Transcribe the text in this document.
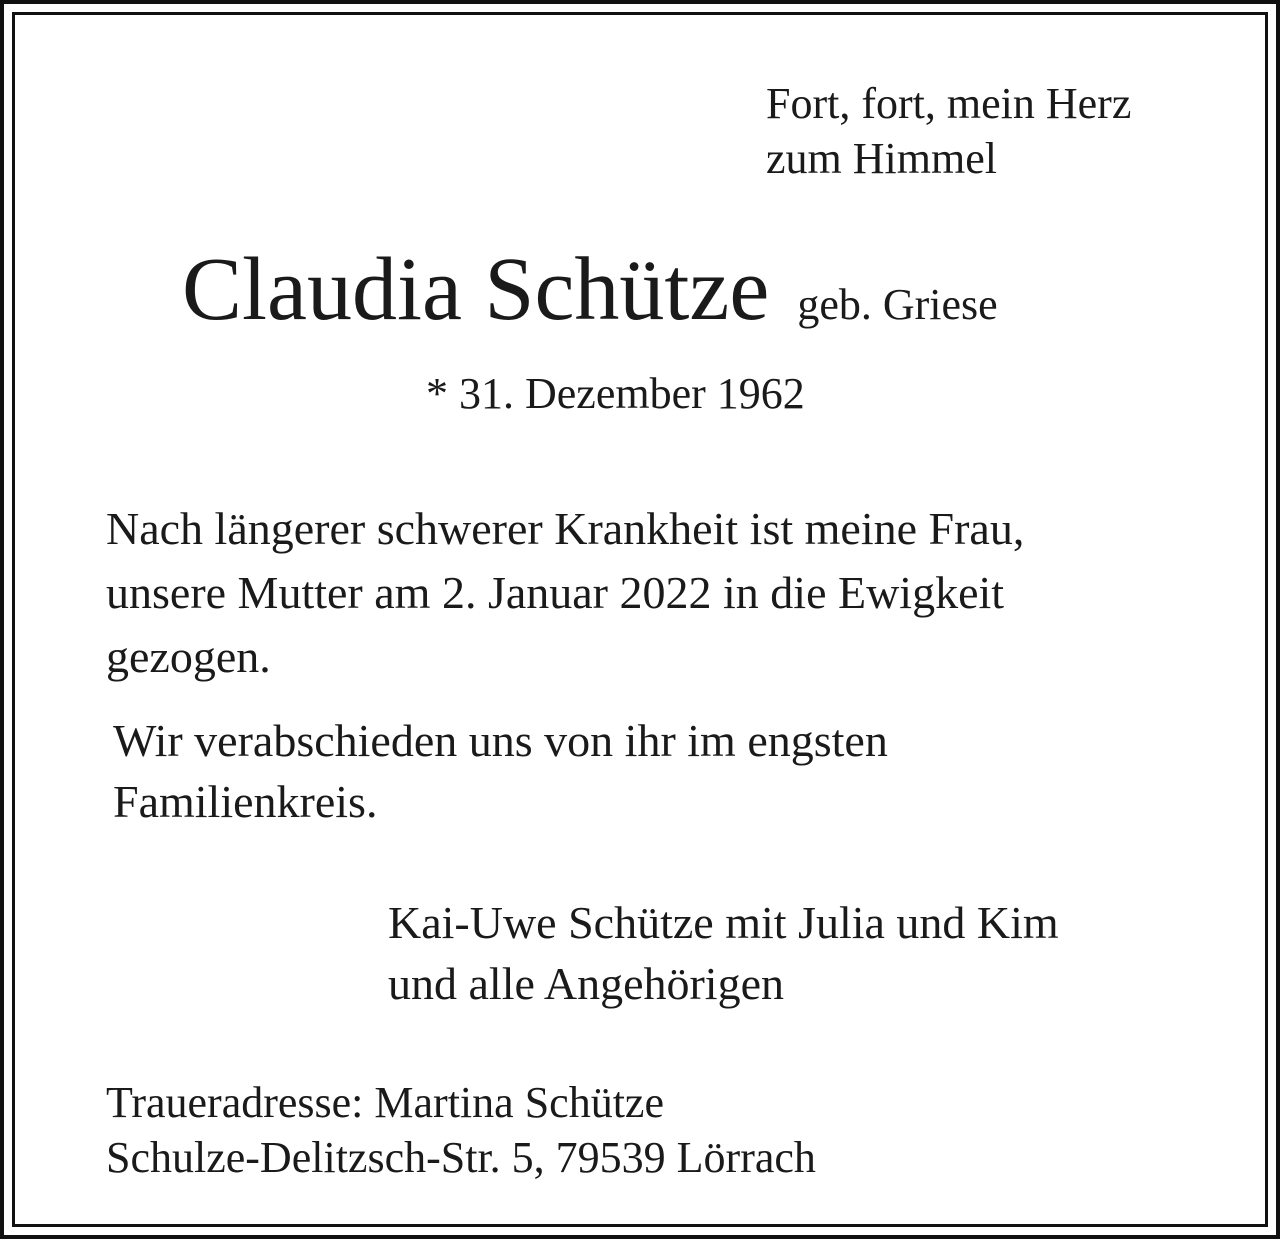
Fort, fort, mein Herz
zum Himmel
Claudia Schütze geb. Griese
* 31. Dezember 1962
Nach längerer schwerer Krankheit ist meine Frau,
unsere Mutter am 2. Januar 2022 in die Ewigkeit
gezogen.
Wir verabschieden uns von ihr im engsten
Familienkreis.
Kai-Uwe Schütze mit Julia und Kim
und alle Angehörigen
Traueradresse: Martina Schütze
Schulze-Delitzsch-Str. 5, 79539 Lörrach
